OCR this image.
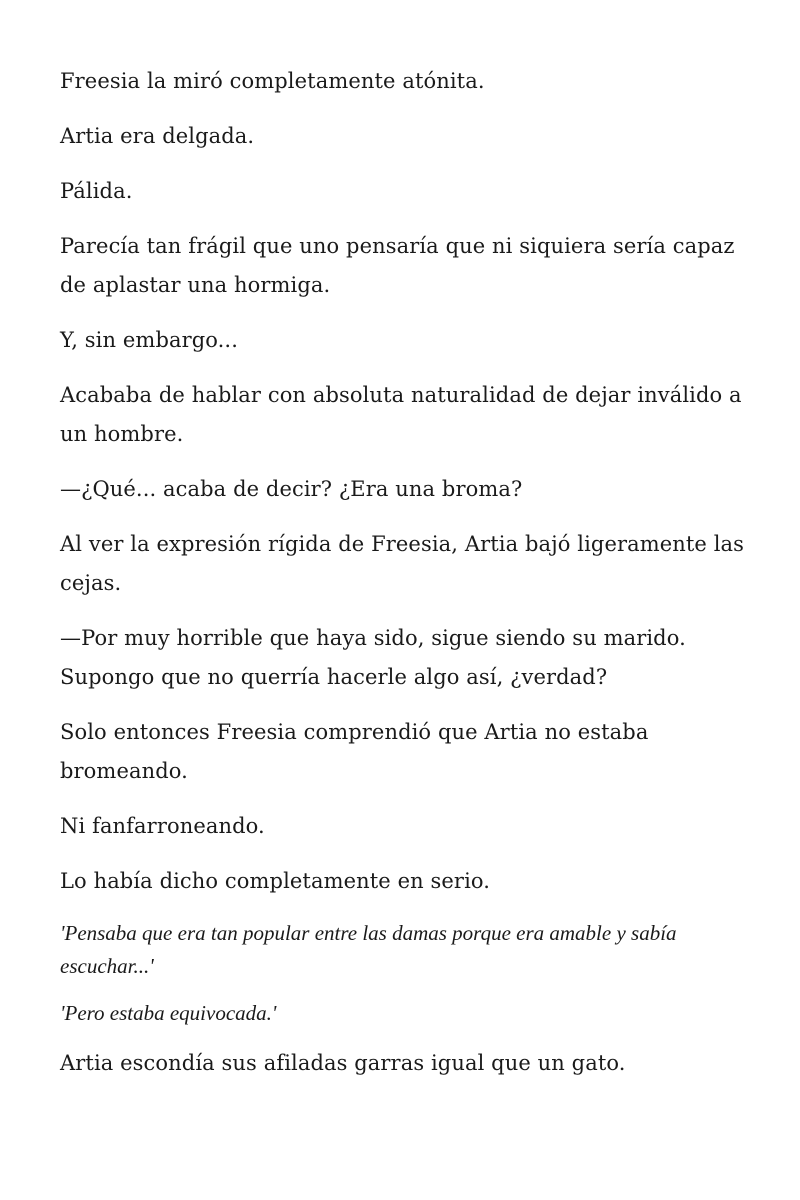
Freesia la miró completamente atónita.

Artia era delgada.

Pálida.

Parecía tan frágil que uno pensaría que ni siquiera sería capaz de aplastar una hormiga.

Y, sin embargo...

Acababa de hablar con absoluta naturalidad de dejar inválido a un hombre.

—¿Qué... acaba de decir? ¿Era una broma?

Al ver la expresión rígida de Freesia, Artia bajó ligeramente las cejas.

—Por muy horrible que haya sido, sigue siendo su marido. Supongo que no querría hacerle algo así, ¿verdad?

Solo entonces Freesia comprendió que Artia no estaba bromeando.

Ni fanfarroneando.

Lo había dicho completamente en serio.

'Pensaba que era tan popular entre las damas porque era amable y sabía escuchar...'

'Pero estaba equivocada.'

Artia escondía sus afiladas garras igual que un gato.
